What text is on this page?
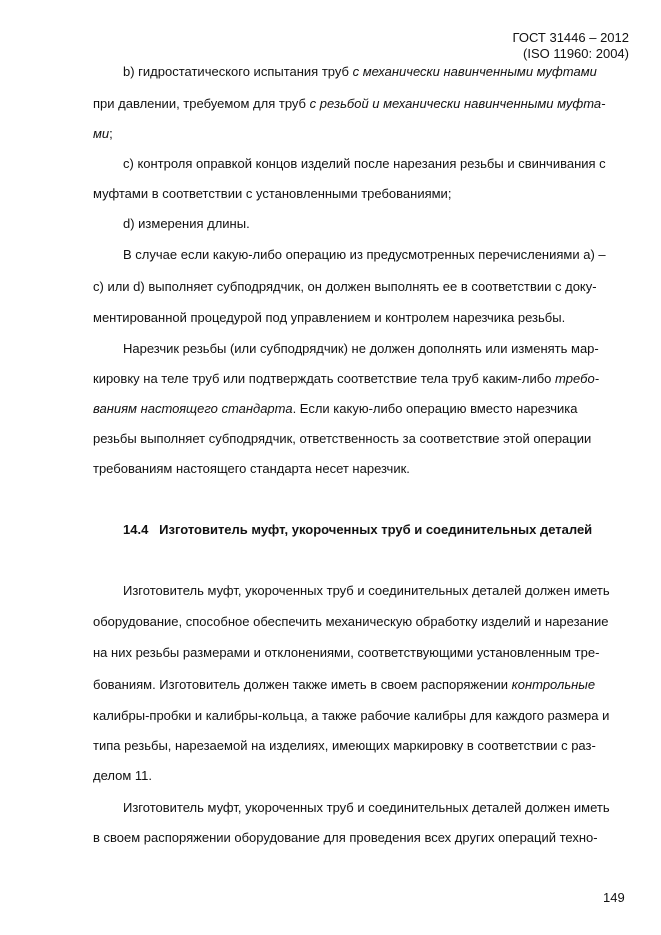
ГОСТ 31446 – 2012
(ISO 11960: 2004)
b) гидростатического испытания труб с механически навинченными муфтами
при давлении, требуемом для труб с резьбой и механически навинченными муфта-
ми;
c) контроля оправкой концов изделий после нарезания резьбы и свинчивания с
муфтами в соответствии с установленными требованиями;
d) измерения длины.
В случае если какую-либо операцию из предусмотренных перечислениями а) –
с) или d) выполняет субподрядчик, он должен выполнять ее в соответствии с доку-
ментированной процедурой под управлением и контролем нарезчика резьбы.
Нарезчик резьбы (или субподрядчик) не должен дополнять или изменять мар-
кировку на теле труб или подтверждать соответствие тела труб каким-либо требо-
ваниям настоящего стандарта. Если какую-либо операцию вместо нарезчика
резьбы выполняет субподрядчик, ответственность за соответствие этой операции
требованиям настоящего стандарта несет нарезчик.
14.4 Изготовитель муфт, укороченных труб и соединительных деталей
Изготовитель муфт, укороченных труб и соединительных деталей должен иметь
оборудование, способное обеспечить механическую обработку изделий и нарезание
на них резьбы размерами и отклонениями, соответствующими установленным тре-
бованиям. Изготовитель должен также иметь в своем распоряжении контрольные
калибры-пробки и калибры-кольца, а также рабочие калибры для каждого размера и
типа резьбы, нарезаемой на изделиях, имеющих маркировку в соответствии с раз-
делом 11.
Изготовитель муфт, укороченных труб и соединительных деталей должен иметь
в своем распоряжении оборудование для проведения всех других операций техно-
149
